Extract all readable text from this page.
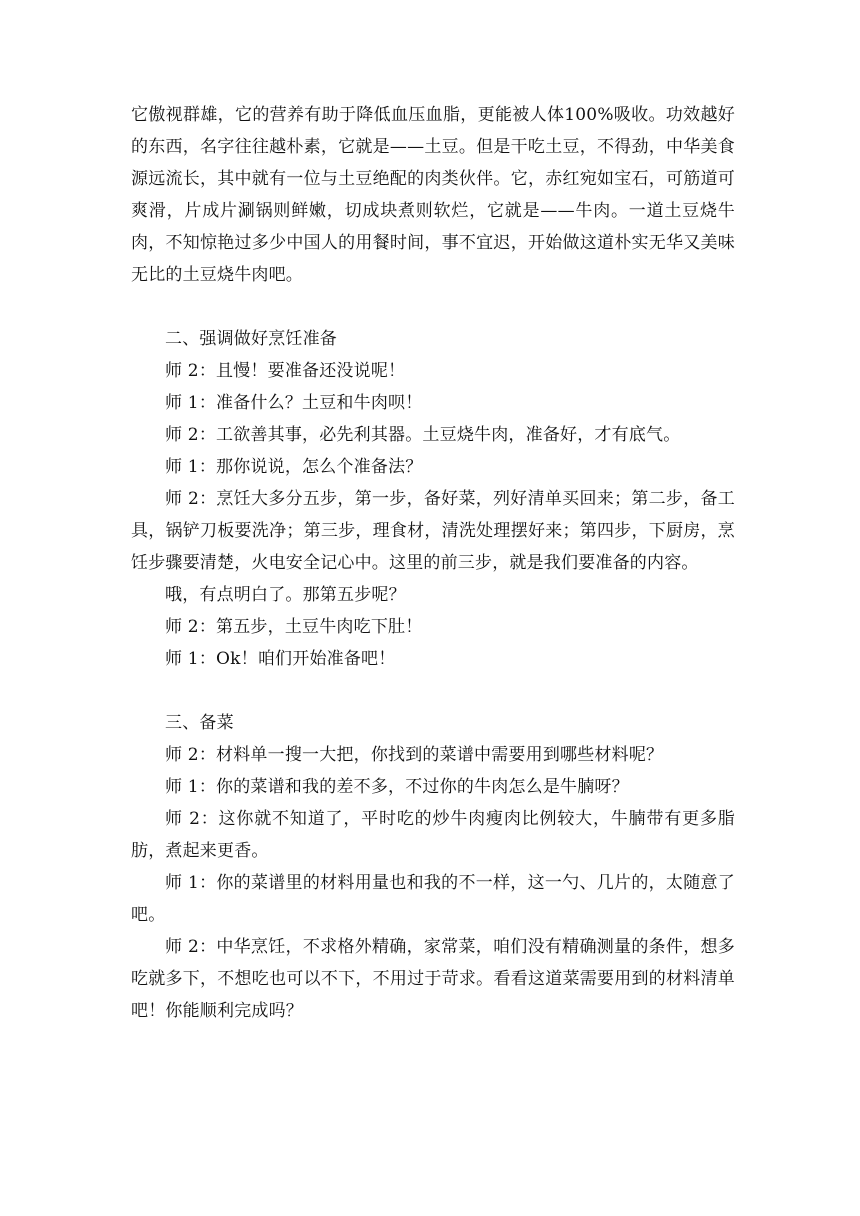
它傲视群雄，它的营养有助于降低血压血脂，更能被人体100%吸收。功效越好的东西，名字往往越朴素，它就是——土豆。但是干吃土豆，不得劲，中华美食源远流长，其中就有一位与土豆绝配的肉类伙伴。它，赤红宛如宝石，可筋道可爽滑，片成片涮锅则鲜嫩，切成块煮则软烂，它就是——牛肉。一道土豆烧牛肉，不知惊艳过多少中国人的用餐时间，事不宜迟，开始做这道朴实无华又美味无比的土豆烧牛肉吧。

二、强调做好烹饪准备

师 2：且慢！要准备还没说呢！

师 1：准备什么？土豆和牛肉呗！

师 2：工欲善其事，必先利其器。土豆烧牛肉，准备好，才有底气。

师 1：那你说说，怎么个准备法？

师 2：烹饪大多分五步，第一步，备好菜，列好清单买回来；第二步，备工具，锅铲刀板要洗净；第三步，理食材，清洗处理摆好来；第四步，下厨房，烹饪步骤要清楚，火电安全记心中。这里的前三步，就是我们要准备的内容。

哦，有点明白了。那第五步呢？

师 2：第五步，土豆牛肉吃下肚！

师 1：Ok！咱们开始准备吧！

三、备菜

师 2：材料单一搜一大把，你找到的菜谱中需要用到哪些材料呢？

师 1：你的菜谱和我的差不多，不过你的牛肉怎么是牛腩呀？

师 2：这你就不知道了，平时吃的炒牛肉瘦肉比例较大，牛腩带有更多脂肪，煮起来更香。

师 1：你的菜谱里的材料用量也和我的不一样，这一勺、几片的，太随意了吧。

师 2：中华烹饪，不求格外精确，家常菜，咱们没有精确测量的条件，想多吃就多下，不想吃也可以不下，不用过于苛求。看看这道菜需要用到的材料清单吧！你能顺利完成吗？
